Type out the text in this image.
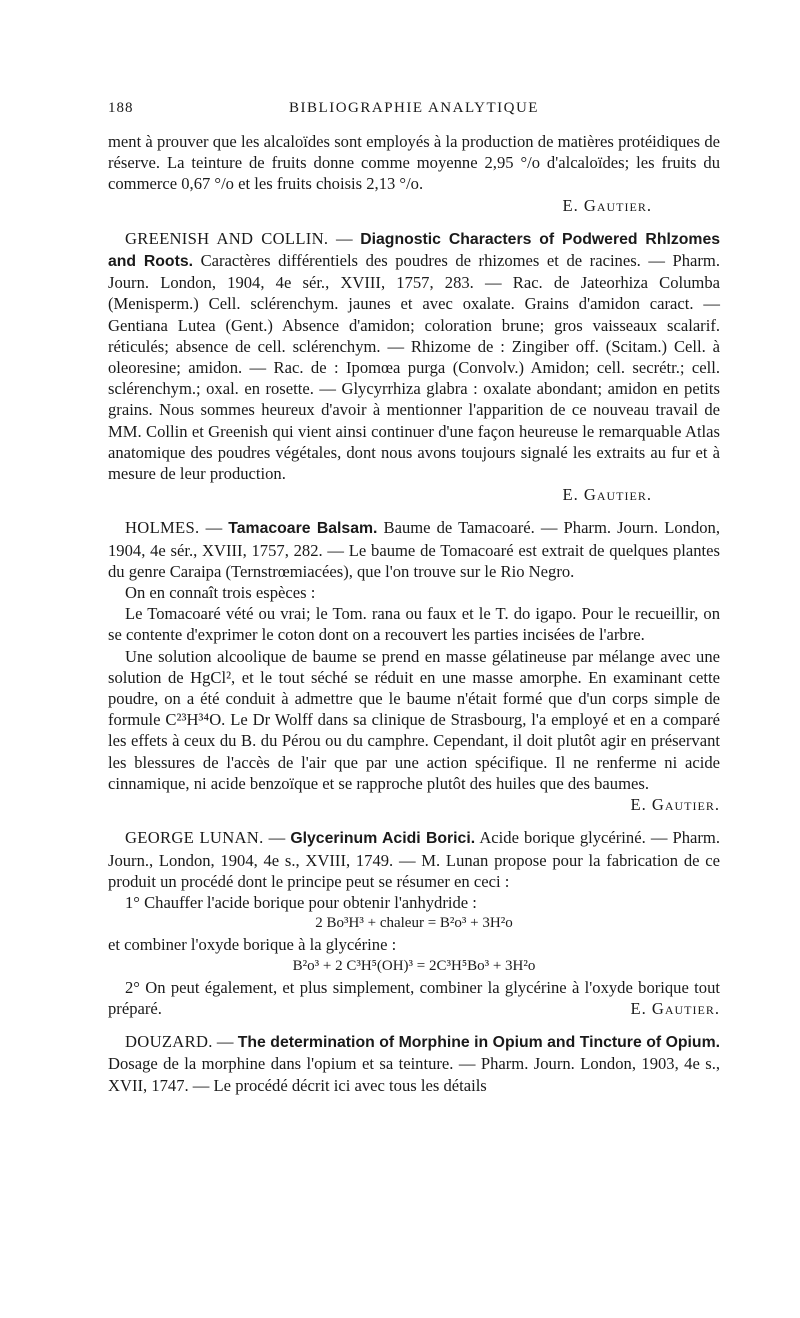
188	BIBLIOGRAPHIE ANALYTIQUE

ment à prouver que les alcaloïdes sont employés à la production de matières protéidiques de réserve. La teinture de fruits donne comme moyenne 2,95 °/o d'alcaloïdes; les fruits du commerce 0,67 °/o et les fruits choisis 2,13 °/o.

E. Gautier.

GREENISH AND COLLIN. — Diagnostic Characters of Podwered Rhlzomes and Roots. Caractères différentiels des poudres de rhizomes et de racines. — Pharm. Journ. London, 1904, 4e sér., XVIII, 1757, 283. — Rac. de Jateorhiza Columba (Menisperm.) Cell. sclérenchym. jaunes et avec oxalate. Grains d'amidon caract. — Gentiana Lutea (Gent.) Absence d'amidon; coloration brune; gros vaisseaux scalarif. réticulés; absence de cell. sclérenchym. — Rhizome de : Zingiber off. (Scitam.) Cell. à oleoresine; amidon. — Rac. de : Ipomœa purga (Convolv.) Amidon; cell. secrétr.; cell. sclérenchym.; oxal. en rosette. — Glycyrrhiza glabra : oxalate abondant; amidon en petits grains. Nous sommes heureux d'avoir à mentionner l'apparition de ce nouveau travail de MM. Collin et Greenish qui vient ainsi continuer d'une façon heureuse le remarquable Atlas anatomique des poudres végétales, dont nous avons toujours signalé les extraits au fur et à mesure de leur production.

E. Gautier.

HOLMES. — Tamacoare Balsam. Baume de Tamacoaré. — Pharm. Journ. London, 1904, 4e sér., XVIII, 1757, 282. — Le baume de Tomacoaré est extrait de quelques plantes du genre Caraipa (Ternstrœmiacées), que l'on trouve sur le Rio Negro.

On en connaît trois espèces :

Le Tomacoaré vété ou vrai; le Tom. rana ou faux et le T. do igapo. Pour le recueillir, on se contente d'exprimer le coton dont on a recouvert les parties incisées de l'arbre.

Une solution alcoolique de baume se prend en masse gélatineuse par mélange avec une solution de HgCl², et le tout séché se réduit en une masse amorphe. En examinant cette poudre, on a été conduit à admettre que le baume n'était formé que d'un corps simple de formule C²³H³⁴O. Le Dr Wolff dans sa clinique de Strasbourg, l'a employé et en a comparé les effets à ceux du B. du Pérou ou du camphre. Cependant, il doit plutôt agir en préservant les blessures de l'accès de l'air que par une action spécifique. Il ne renferme ni acide cinnamique, ni acide benzoïque et se rapproche plutôt des huiles que des baumes.
E. Gautier.

GEORGE LUNAN. — Glycerinum Acidi Borici. Acide borique glycériné. — Pharm. Journ., London, 1904, 4e s., XVIII, 1749. — M. Lunan propose pour la fabrication de ce produit un procédé dont le principe peut se résumer en ceci :

1° Chauffer l'acide borique pour obtenir l'anhydride :

2 Bo³H³ + chaleur = B²o³ + 3H²o

et combiner l'oxyde borique à la glycérine :

B²o³ + 2 C³H⁵(OH)³ = 2C³H⁵Bo³ + 3H²o

2° On peut également, et plus simplement, combiner la glycérine à l'oxyde borique tout préparé.	E. Gautier.

DOUZARD. — The determination of Morphine in Opium and Tincture of Opium. Dosage de la morphine dans l'opium et sa teinture. — Pharm. Journ. London, 1903, 4e s., XVII, 1747. — Le procédé décrit ici avec tous les détails
